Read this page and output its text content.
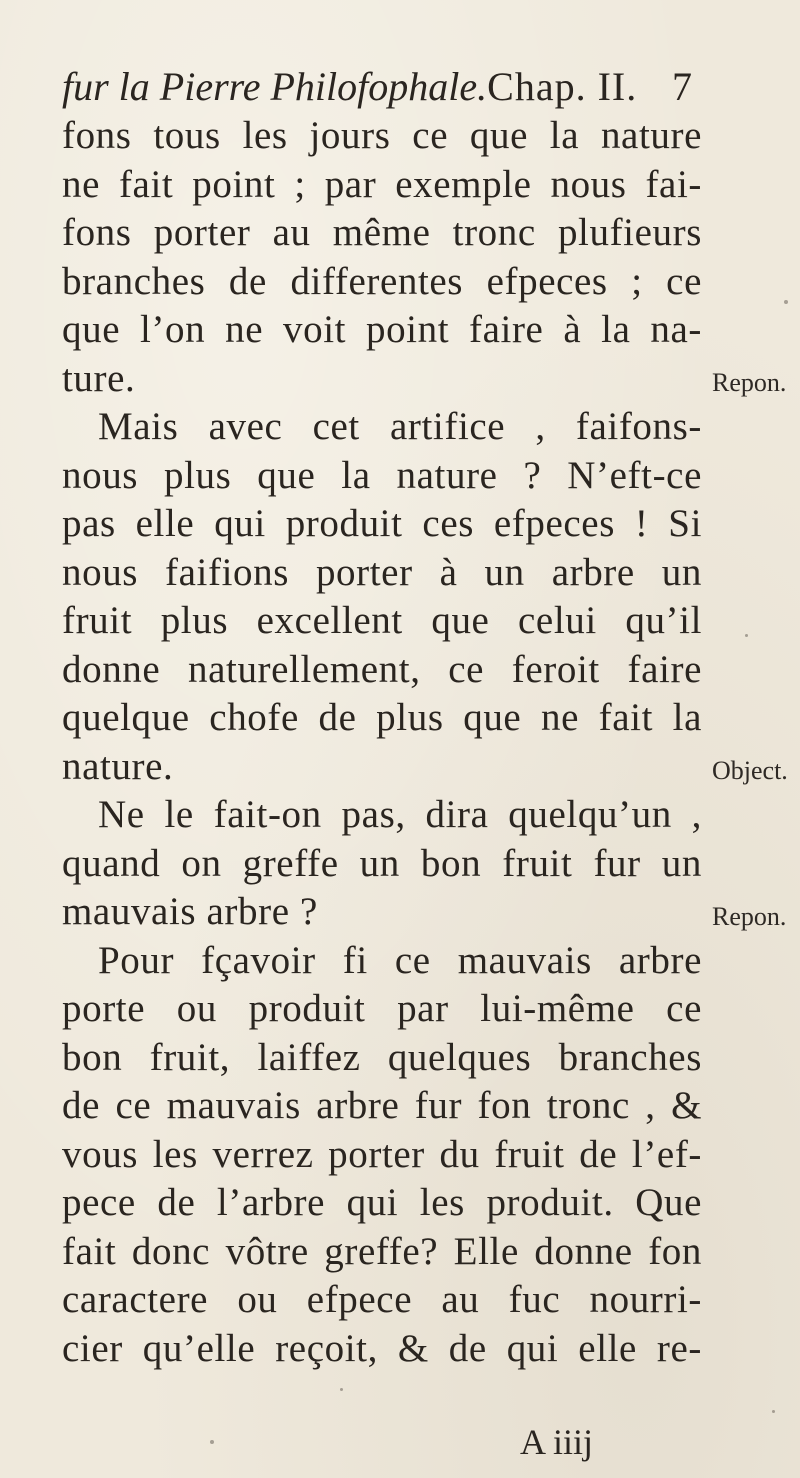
fur la Pierre Philofophale.Chap. II. 7
fons tous les jours ce que la nature
ne fait point ; par exemple nous fai-
fons porter au même tronc plufieurs
branches de differentes efpeces ; ce
que l’on ne voit point faire à la na-
ture.
Mais avec cet artifice , faifons-
nous plus que la nature ? N’eft-ce
pas elle qui produit ces efpeces ! Si
nous faifions porter à un arbre un
fruit plus excellent que celui qu’il
donne naturellement, ce feroit faire
quelque chofe de plus que ne fait la
nature.
Ne le fait-on pas, dira quelqu’un ,
quand on greffe un bon fruit fur un
mauvais arbre ?
Pour fçavoir fi ce mauvais arbre
porte ou produit par lui-même ce
bon fruit, laiffez quelques branches
de ce mauvais arbre fur fon tronc , &
vous les verrez porter du fruit de l’ef-
pece de l’arbre qui les produit. Que
fait donc vôtre greffe? Elle donne fon
caractere ou efpece au fuc nourri-
cier qu’elle reçoit, & de qui elle re-
Repon.
Object.
Repon.
A iiij
